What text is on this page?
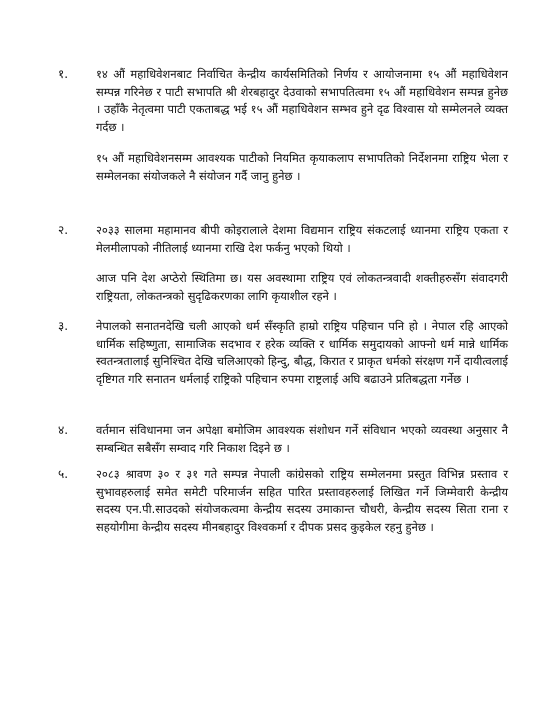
१. १४ औं महाधिवेशनबाट निर्वाचित केन्द्रीय कार्यसमितिको निर्णय र आयोजनामा १५ औं महाधिवेशन सम्पन्न गरिनेछ र पाटी सभापति श्री शेरबहादुर देउवाको सभापतित्वमा १५ औं महाधिवेशन सम्पन्न हुनेछ । उहाँकै नेतृत्वमा पाटी एकताबद्ध भई १५ औं महाधिवेशन सम्भव हुने दृढ विश्वास यो सम्मेलनले व्यक्त गर्दछ ।

१५ औं महाधिवेशनसम्म आवश्यक पाटीको नियमित कृयाकलाप सभापतिको निर्देशनमा राष्ट्रिय भेला र सम्मेलनका संयोजकले नै संयोजन गर्दै जानु हुनेछ ।

२. २०३३ सालमा महामानव बीपी कोइरालाले देशमा विद्यमान राष्ट्रिय संकटलाई ध्यानमा राष्ट्रिय एकता र मेलमीलापको नीतिलाई ध्यानमा राखि देश फर्कनु भएको थियो ।

आज पनि देश अप्ठेरो स्थितिमा छ। यस अवस्थामा राष्ट्रिय एवं लोकतन्त्रवादी शक्तीहरुसँग संवादगरी राष्ट्रियता, लोकतन्त्रको सुदृढिकरणका लागि कृयाशील रहने ।

३. नेपालको सनातनदेखि चली आएको धर्म सँस्कृति हाम्रो राष्ट्रिय पहिचान पनि हो । नेपाल रहि आएको धार्मिक सहिष्णुता, सामाजिक सदभाव र हरेक व्यक्ति र धार्मिक समुदायको आफ्नो धर्म मान्ने धार्मिक स्वतन्त्रतालाई सुनिश्चित देखि चलिआएको हिन्दु, बौद्ध, किरात र प्राकृत धर्मको संरक्षण गर्ने दायीत्वलाई दृष्टिगत गरि सनातन धर्मलाई राष्ट्रिको पहिचान रुपमा राष्ट्रलाई अघि बढाउने प्रतिबद्धता गर्नेछ ।

४. वर्तमान संविधानमा जन अपेक्षा बमोजिम आवश्यक संशोधन गर्ने संविधान भएको व्यवस्था अनुसार नै सम्बन्धित सबैसँग सम्वाद गरि निकाश दिइने छ ।

५. २०८३ श्रावण ३० र ३१ गते सम्पन्न नेपाली कांग्रेसको राष्ट्रिय सम्मेलनमा प्रस्तुत विभिन्न प्रस्ताव र सुभावहरुलाई समेत समेटी परिमार्जन सहित पारित प्रस्तावहरुलाई लिखित गर्ने जिम्मेवारी केन्द्रीय सदस्य एन.पी.साउदको संयोजकत्वमा केन्द्रीय सदस्य उमाकान्त चौधरी, केन्द्रीय सदस्य सिता राना र सहयोगीमा केन्द्रीय सदस्य मीनबहादुर विश्वकर्मा र दीपक प्रसद कुइकेल रहनु हुनेछ ।
